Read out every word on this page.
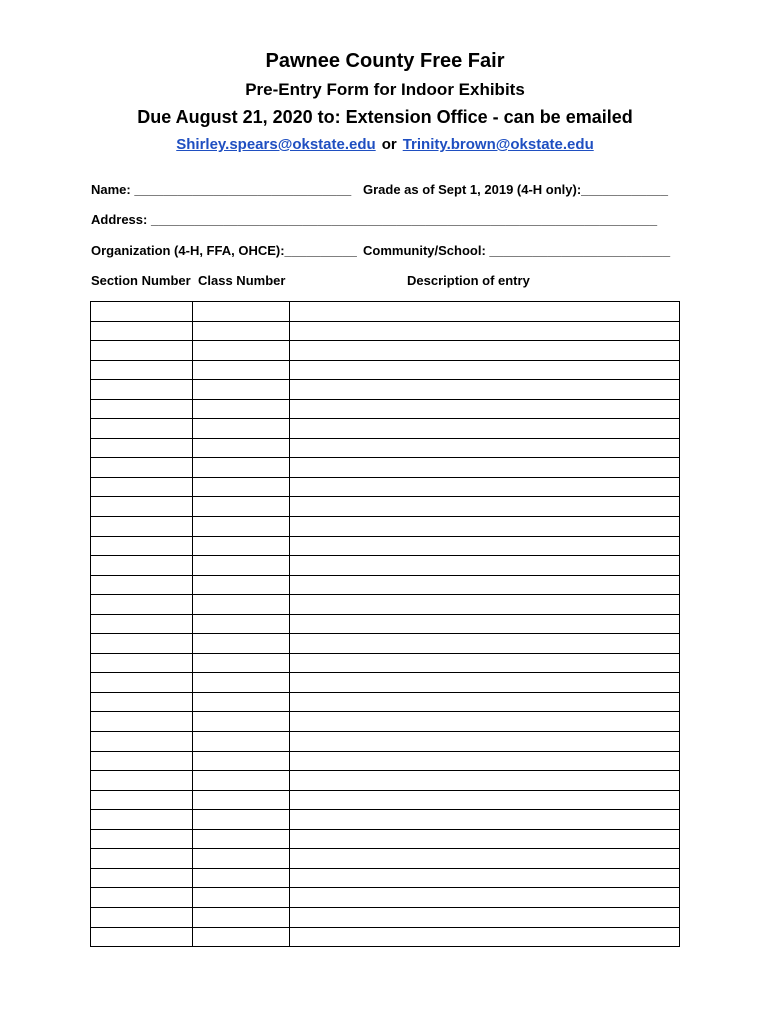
Pawnee County Free Fair
Pre-Entry Form for Indoor Exhibits
Due August 21, 2020 to: Extension Office - can be emailed
Shirley.spears@okstate.edu or Trinity.brown@okstate.edu
Name: ______________________________ Grade as of Sept 1, 2019 (4-H only):____________
Address: ______________________________________________________________________
Organization (4-H, FFA, OHCE):__________ Community/School: _________________________
Section Number Class Number	Description of entry
